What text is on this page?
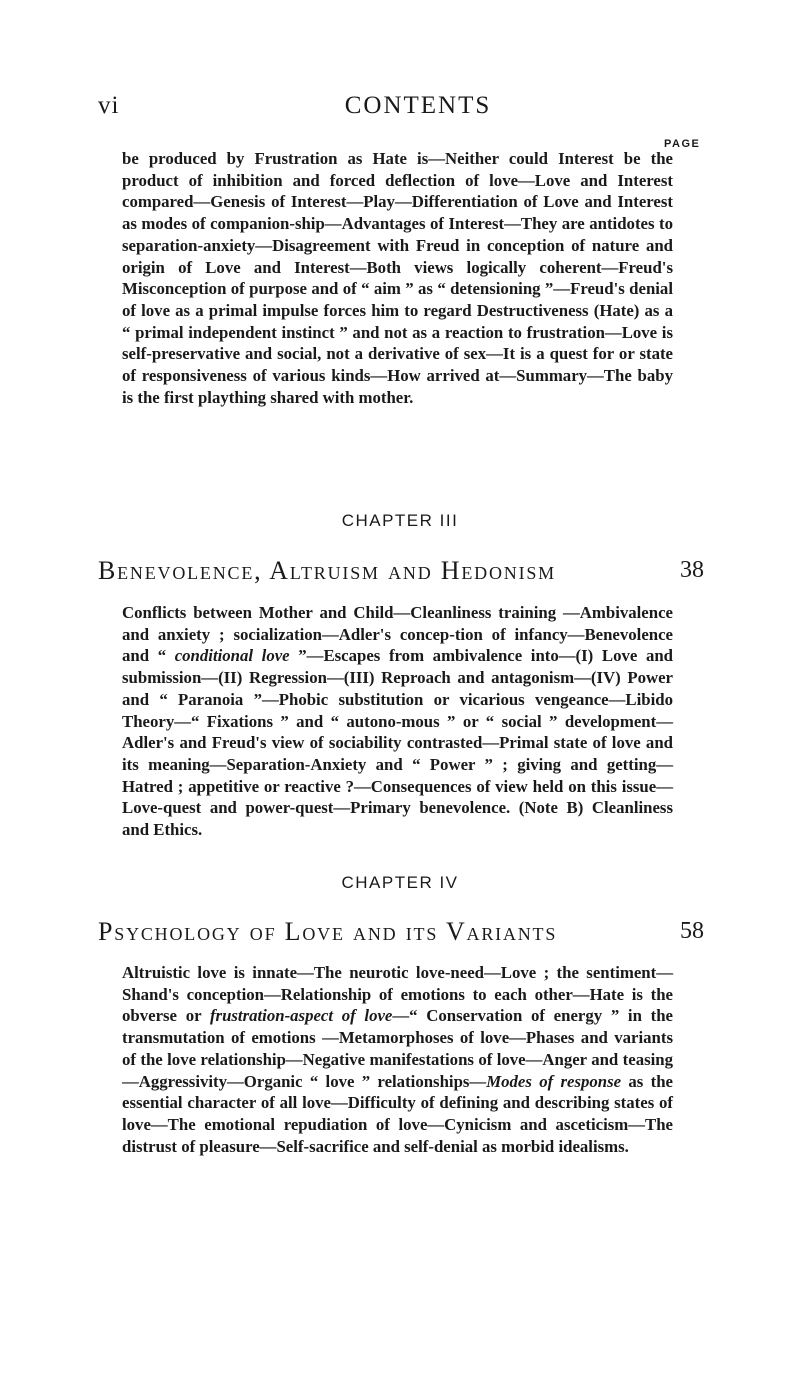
vi	CONTENTS
PAGE

be produced by Frustration as Hate is—Neither could Interest be the product of inhibition and forced deflection of love—Love and Interest compared—Genesis of Interest—Play—Differentiation of Love and Interest as modes of companion-ship—Advantages of Interest—They are antidotes to separation-anxiety—Disagreement with Freud in conception of nature and origin of Love and Interest—Both views logically coherent—Freud's Misconception of purpose and of “ aim ” as “ detensioning ”—Freud's denial of love as a primal impulse forces him to regard Destructiveness (Hate) as a “ primal independent instinct ” and not as a reaction to frustration—Love is self-preservative and social, not a derivative of sex—It is a quest for or state of responsiveness of various kinds—How arrived at—Summary—The baby is the first plaything shared with mother.

CHAPTER III
Benevolence, Altruism and Hedonism	38

Conflicts between Mother and Child—Cleanliness training —Ambivalence and anxiety ; socialization—Adler's concep-tion of infancy—Benevolence and “ conditional love ”—Escapes from ambivalence into—(I) Love and submission—(II) Regression—(III) Reproach and antagonism—(IV) Power and “ Paranoia ”—Phobic substitution or vicarious vengeance—Libido Theory—“ Fixations ” and “ autono-mous ” or “ social ” development—Adler's and Freud's view of sociability contrasted—Primal state of love and its meaning—Separation-Anxiety and “ Power ” ; giving and getting—Hatred ; appetitive or reactive ?—Consequences of view held on this issue—Love-quest and power-quest—Primary benevolence. (Note B) Cleanliness and Ethics.

CHAPTER IV
Psychology of Love and its Variants	58

Altruistic love is innate—The neurotic love-need—Love ; the sentiment—Shand's conception—Relationship of emotions to each other—Hate is the obverse or frustration-aspect of love—“ Conservation of energy ” in the transmutation of emotions —Metamorphoses of love—Phases and variants of the love relationship—Negative manifestations of love—Anger and teasing—Aggressivity—Organic “ love ” relationships—Modes of response as the essential character of all love—Difficulty of defining and describing states of love—The emotional repudiation of love—Cynicism and asceticism—The distrust of pleasure—Self-sacrifice and self-denial as morbid idealisms.
